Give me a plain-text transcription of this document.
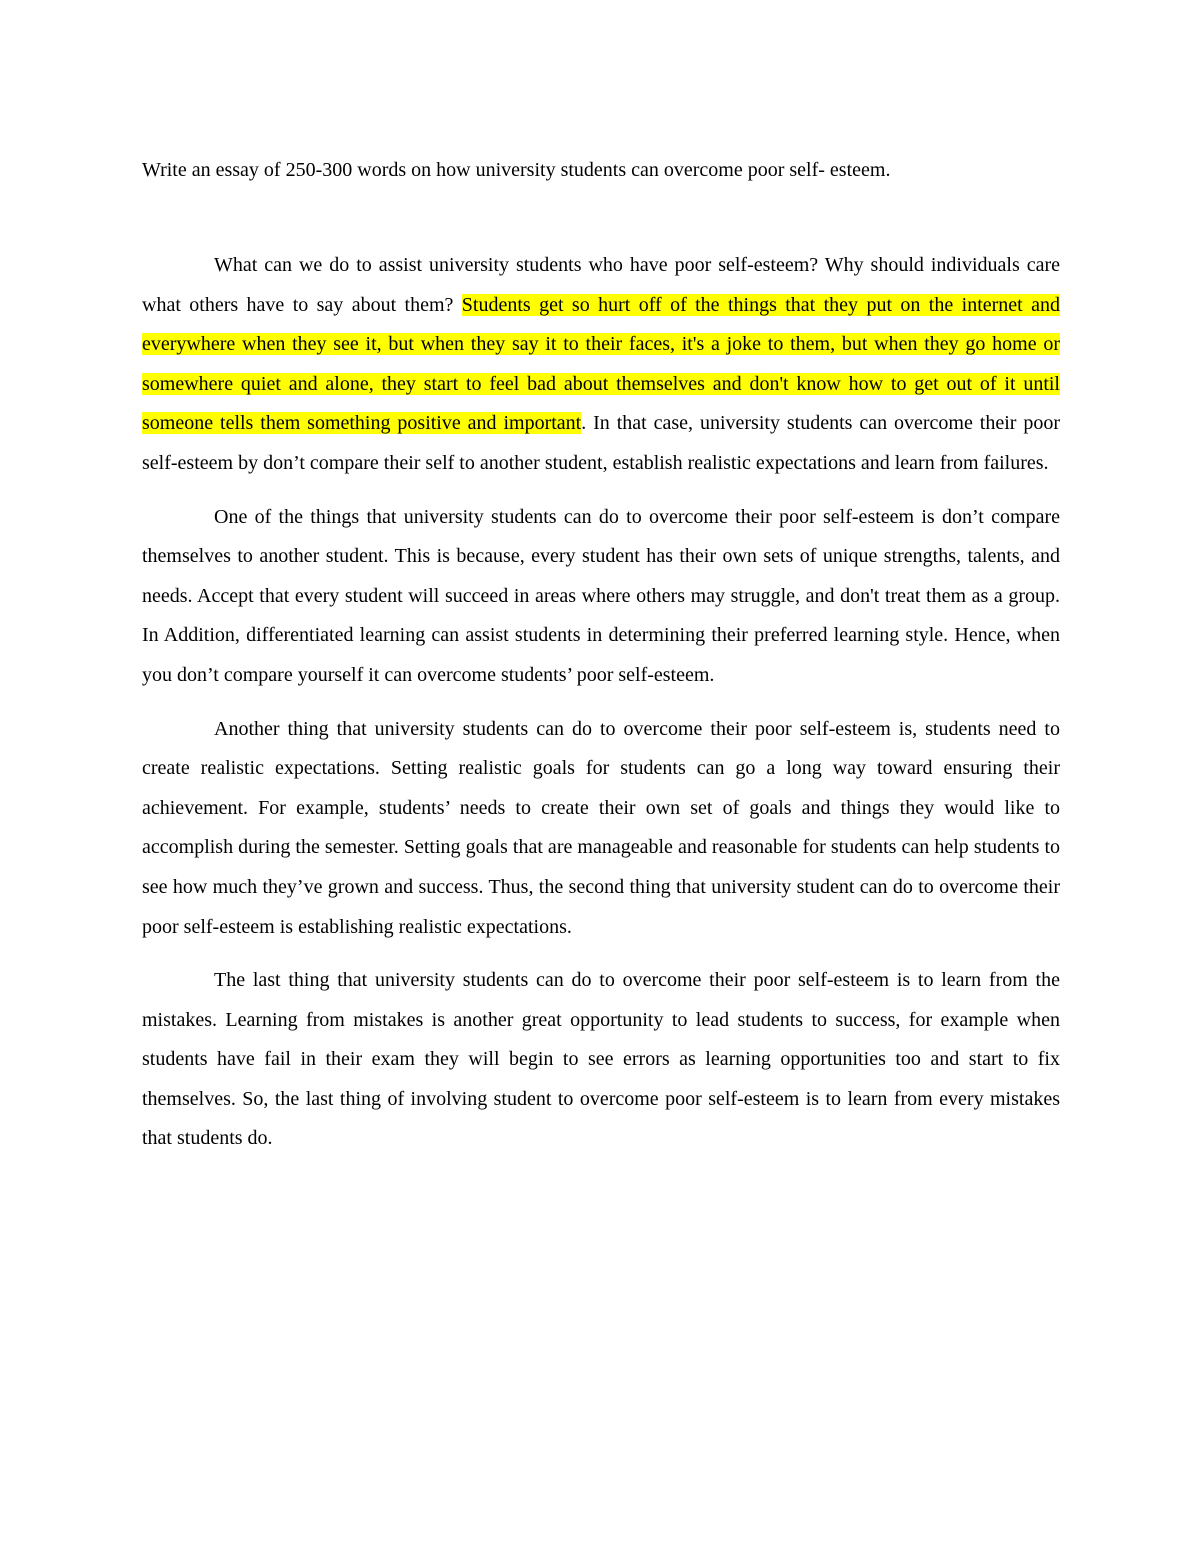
Write an essay of 250-300 words on how university students can overcome poor self- esteem.

What can we do to assist university students who have poor self-esteem? Why should individuals care what others have to say about them? Students get so hurt off of the things that they put on the internet and everywhere when they see it, but when they say it to their faces, it's a joke to them, but when they go home or somewhere quiet and alone, they start to feel bad about themselves and don't know how to get out of it until someone tells them something positive and important. In that case, university students can overcome their poor self-esteem by don’t compare their self to another student, establish realistic expectations and learn from failures.

One of the things that university students can do to overcome their poor self-esteem is don’t compare themselves to another student. This is because, every student has their own sets of unique strengths, talents, and needs. Accept that every student will succeed in areas where others may struggle, and don't treat them as a group. In Addition, differentiated learning can assist students in determining their preferred learning style. Hence, when you don’t compare yourself it can overcome students’ poor self-esteem.

Another thing that university students can do to overcome their poor self-esteem is, students need to create realistic expectations. Setting realistic goals for students can go a long way toward ensuring their achievement. For example, students’ needs to create their own set of goals and things they would like to accomplish during the semester. Setting goals that are manageable and reasonable for students can help students to see how much they’ve grown and success. Thus, the second thing that university student can do to overcome their poor self-esteem is establishing realistic expectations.

The last thing that university students can do to overcome their poor self-esteem is to learn from the mistakes. Learning from mistakes is another great opportunity to lead students to success, for example when students have fail in their exam they will begin to see errors as learning opportunities too and start to fix themselves. So, the last thing of involving student to overcome poor self-esteem is to learn from every mistakes that students do.
